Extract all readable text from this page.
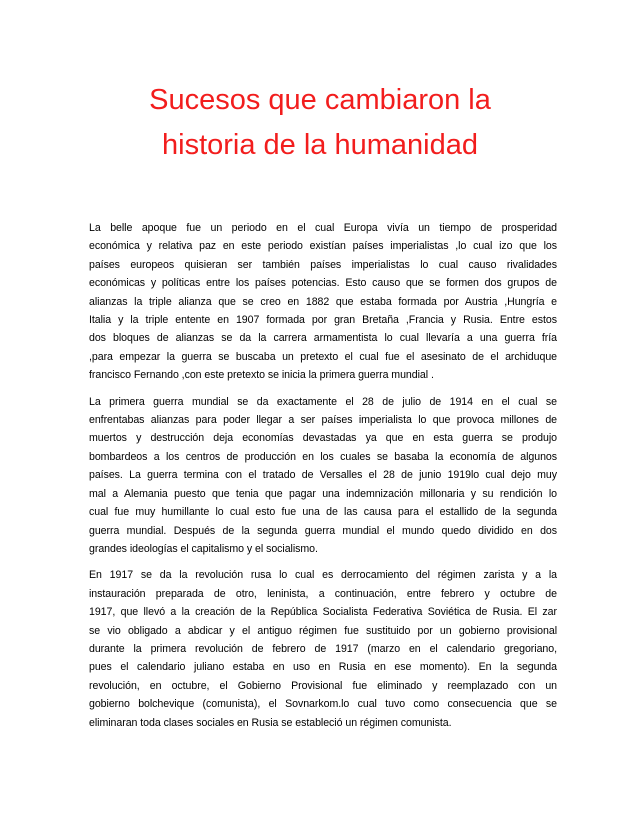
Sucesos que cambiaron la
historia de la humanidad

La belle apoque fue un periodo en el cual Europa vivía un tiempo de prosperidad
económica y relativa paz en este periodo existían países imperialistas ,lo cual izo que los
países europeos quisieran ser también países imperialistas lo cual causo rivalidades
económicas y políticas entre los países potencias. Esto causo que se formen dos grupos de
alianzas la triple alianza que se creo en 1882 que estaba formada por Austria ,Hungría e
Italia y la triple entente en 1907 formada por gran Bretaña ,Francia y Rusia. Entre estos
dos bloques de alianzas se da la carrera armamentista lo cual llevaría a una guerra fría
,para empezar la guerra se buscaba un pretexto el cual fue el asesinato de el archiduque
francisco Fernando ,con este pretexto se inicia la primera guerra mundial .

La primera guerra mundial se da exactamente el 28 de julio de 1914 en el cual se
enfrentabas alianzas para poder llegar a ser países imperialista lo que provoca millones de
muertos y destrucción deja economías devastadas ya que en esta guerra se produjo
bombardeos a los centros de producción en los cuales se basaba la economía de algunos
países. La guerra termina con el tratado de Versalles el 28 de junio 1919lo cual dejo muy
mal a Alemania puesto que tenia que pagar una indemnización millonaria y su rendición lo
cual fue muy humillante lo cual esto fue una de las causa para el estallido de la segunda
guerra mundial. Después de la segunda guerra mundial el mundo quedo dividido en dos
grandes ideologías el capitalismo y el socialismo.

En 1917 se da la revolución rusa lo cual es derrocamiento del régimen zarista y a la
instauración preparada de otro, leninista, a continuación, entre febrero y octubre de
1917, que llevó a la creación de la República Socialista Federativa Soviética de Rusia. El zar
se vio obligado a abdicar y el antiguo régimen fue sustituido por un gobierno provisional
durante la primera revolución de febrero de 1917 (marzo en el calendario gregoriano,
pues el calendario juliano estaba en uso en Rusia en ese momento). En la segunda
revolución, en octubre, el Gobierno Provisional fue eliminado y reemplazado con un
gobierno bolchevique (comunista), el Sovnarkom.lo cual tuvo como consecuencia que se
eliminaran toda clases sociales en Rusia se estableció un régimen comunista.
